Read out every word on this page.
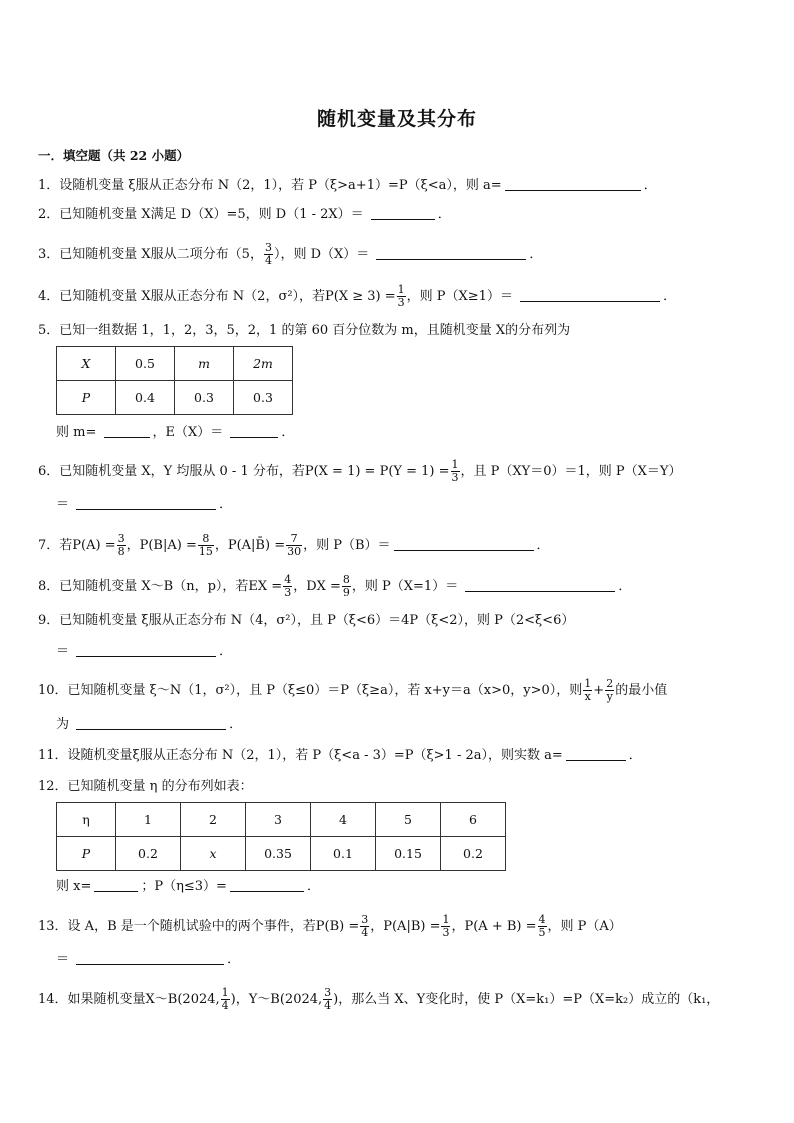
随机变量及其分布
一．填空题（共 22 小题）
1．设随机变量 ξ服从正态分布 N（2，1），若 P（ξ>a+1）=P（ξ<a），则 a=	．
2．已知随机变量 X满足 D（X）=5，则 D（1 - 2X）＝	．
3．已知随机变量 X服从二项分布（5， $\frac{3}{4}$ ），则 D（X）＝	．
4．已知随机变量 X服从正态分布 N（2，σ²），若$P(X \ge 3) = \frac{1}{3}$ ，则 P（X≥1）＝	．
5．已知一组数据 1，1，2，3，5，2，1 的第 60 百分位数为 m，且随机变量 X的分布列为
X	0.5	m	2m
P	0.4	0.3	0.3
则 m=	，E（X）＝	．
6．已知随机变量 X，Y 均服从 0 - 1 分布，若$P(X = 1) = P(Y = 1) = \frac{1}{3}$ ，且 P（XY＝0）＝1，则 P（X＝Y）
＝	．
7．若$P(A) = \frac{3}{8}$ ，$P(B|A) = \frac{8}{15}$ ，P(A|B̄) = $\frac{7}{30}$ ，则 P（B）＝	．
8．已知随机变量 X～B（n，p），若EX = $\frac{4}{3}$ ，DX = $\frac{8}{9}$ ，则 P（X=1）＝	．
9．已知随机变量 ξ服从正态分布 N（4，σ²），且 P（ξ<6）＝4P（ξ<2），则 P（2<ξ<6）
＝	．
10．已知随机变量 ξ～N（1，σ²），且 P（ξ≤0）＝P（ξ≥a），若 x+y＝a（x>0，y>0），则 $\frac{1}{x} + \frac{2}{y}$ 的最小值
为	．
11．设随机变量ξ服从正态分布 N（2，1），若 P（ξ<a - 3）=P（ξ>1 - 2a），则实数 a=	．
12．已知随机变量 η 的分布列如表：
η	1	2	3	4	5	6
P	0.2	x	0.35	0.1	0.15	0.2
则 x=	；P（η≤3）=	．
13．设 A，B 是一个随机试验中的两个事件，若$P(B) = \frac{3}{4}$ ，$P(A|B) = \frac{1}{3}$ ，$P(A + B) = \frac{4}{5}$ ，则 P（A）
＝	．
14．如果随机变量X～B(2024, $\frac{1}{4}$ )，Y～B(2024, $\frac{3}{4}$ )，那么当 X、Y变化时，使 P（X=k₁）=P（X=k₂）成立的（k₁，
